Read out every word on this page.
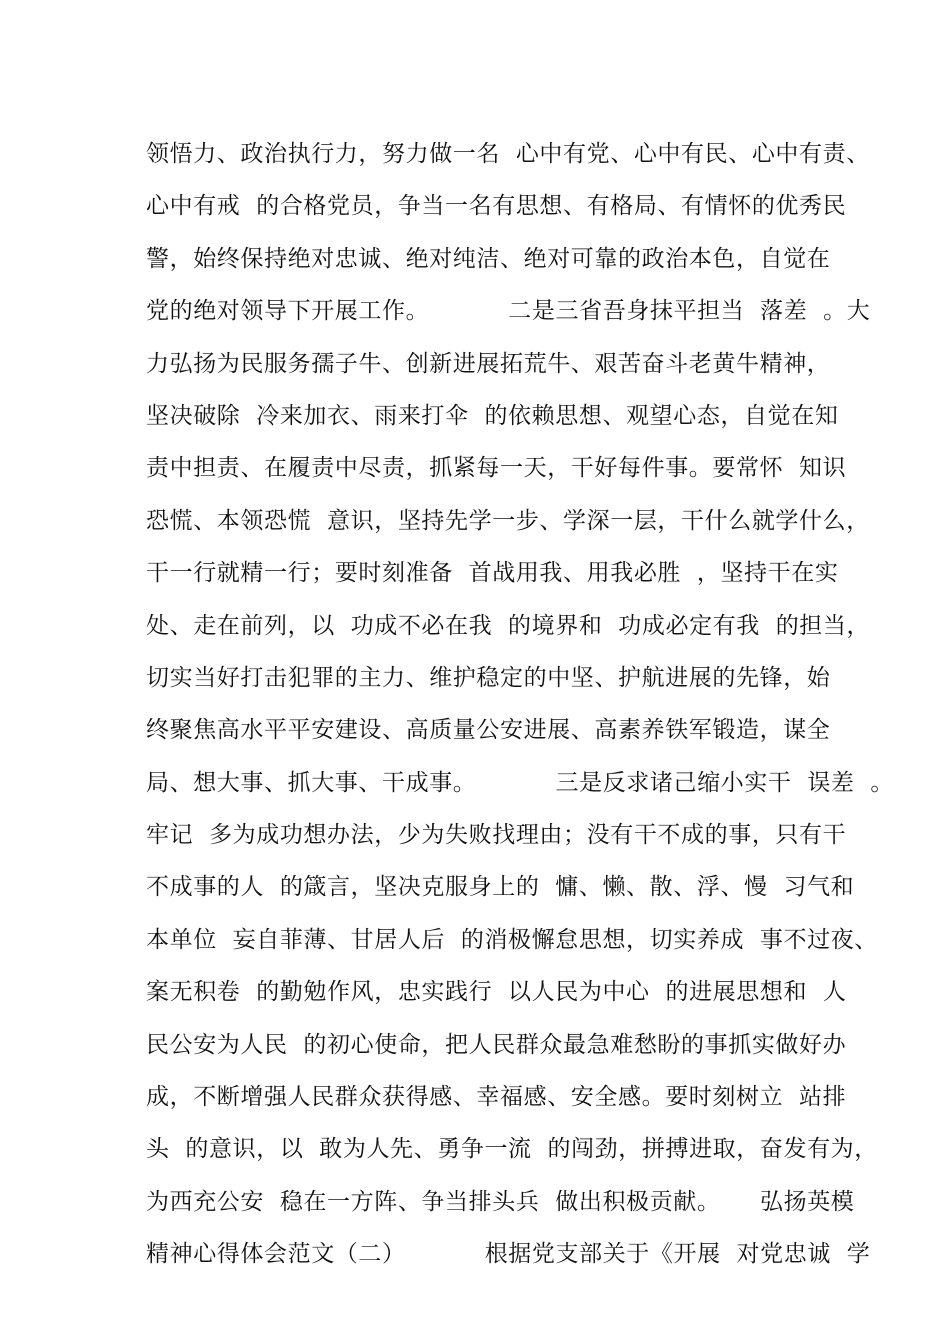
领悟力、政治执行力，努力做一名  心中有党、心中有民、心中有责、
心中有戒  的合格党员，争当一名有思想、有格局、有情怀的优秀民
警，始终保持绝对忠诚、绝对纯洁、绝对可靠的政治本色，自觉在
党的绝对领导下开展工作。          二是三省吾身抹平担当  落差  。大
力弘扬为民服务孺子牛、创新进展拓荒牛、艰苦奋斗老黄牛精神，
坚决破除  冷来加衣、雨来打伞  的依赖思想、观望心态，自觉在知
责中担责、在履责中尽责，抓紧每一天，干好每件事。要常怀  知识
恐慌、本领恐慌  意识，坚持先学一步、学深一层，干什么就学什么，
干一行就精一行；要时刻准备  首战用我、用我必胜  ，坚持干在实
处、走在前列，以  功成不必在我  的境界和  功成必定有我  的担当，
切实当好打击犯罪的主力、维护稳定的中坚、护航进展的先锋，始
终聚焦高水平平安建设、高质量公安进展、高素养铁军锻造，谋全
局、想大事、抓大事、干成事。          三是反求诸己缩小实干  误差  。
牢记  多为成功想办法，少为失败找理由；没有干不成的事，只有干
不成事的人  的箴言，坚决克服身上的  慵、懒、散、浮、慢  习气和
本单位  妄自菲薄、甘居人后  的消极懈怠思想，切实养成  事不过夜、
案无积卷  的勤勉作风，忠实践行  以人民为中心  的进展思想和  人
民公安为人民  的初心使命，把人民群众最急难愁盼的事抓实做好办
成，不断增强人民群众获得感、幸福感、安全感。要时刻树立  站排
头  的意识，以  敢为人先、勇争一流  的闯劲，拼搏进取，奋发有为，
为西充公安  稳在一方阵、争当排头兵  做出积极贡献。     弘扬英模
精神心得体会范文（二）          根据党支部关于《开展  对党忠诚  学
